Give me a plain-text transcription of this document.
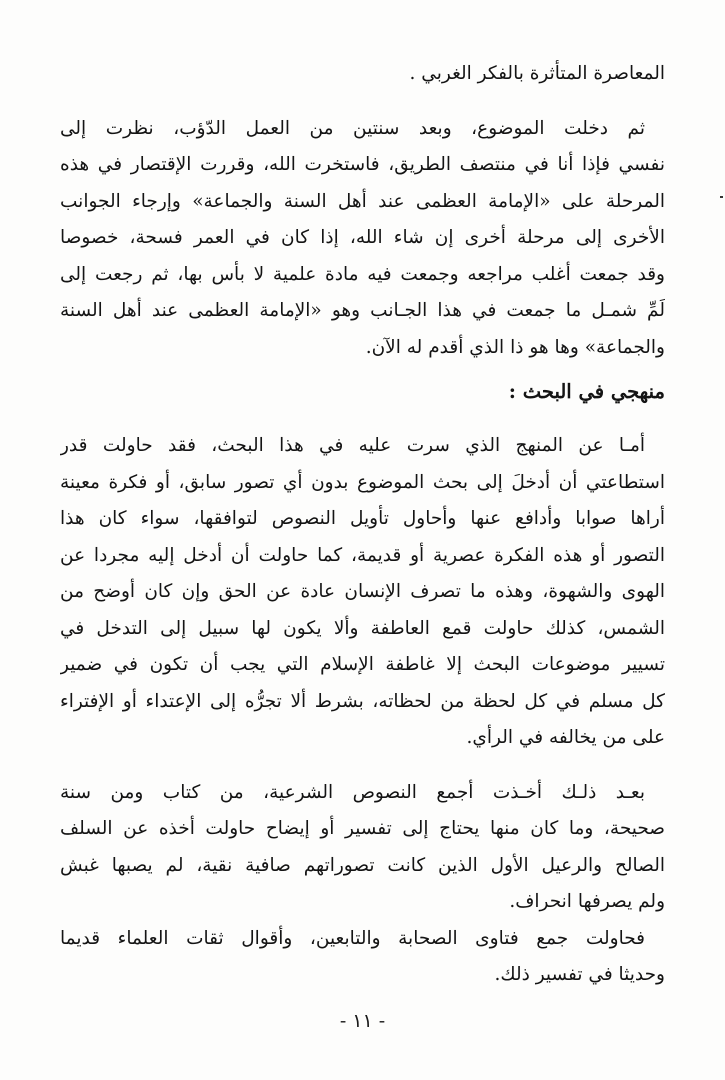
المعاصرة المتأثرة بالفكر الغربي .
ثم دخلت الموضوع، وبعد سنتين من العمل الدّؤب، نظرت إلى
نفسي فإذا أنا في منتصف الطريق، فاستخرت الله، وقررت الإقتصار في هذه
المرحلة على «الإمامة العظمى عند أهل السنة والجماعة» وإرجاء الجوانب
الأخرى إلى مرحلة أخرى إن شاء الله، إذا كان في العمر فسحة، خصوصا
وقد جمعت أغلب مراجعه وجمعت فيه مادة علمية لا بأس بها، ثم رجعت إلى
لَمِّ شمـل ما جمعت في هذا الجـانب وهو «الإمامة العظمى عند أهل السنة
والجماعة» وها هو ذا الذي أقدم له الآن.
منهجي في البحث :
أمـا عن المنهج الذي سرت عليه في هذا البحث، فقد حاولت قدر
استطاعتي أن أدخلَ إلى بحث الموضوع بدون أي تصور سابق، أو فكرة معينة
أراها صوابا وأدافع عنها وأحاول تأويل النصوص لتوافقها، سواء كان هذا
التصور أو هذه الفكرة عصرية أو قديمة، كما حاولت أن أدخل إليه مجردا عن
الهوى والشهوة، وهذه ما تصرف الإنسان عادة عن الحق وإن كان أوضح من
الشمس، كذلك حاولت قمع العاطفة وألا يكون لها سبيل إلى التدخل في
تسيير موضوعات البحث إلا غاطفة الإسلام التي يجب أن تكون في ضمير
كل مسلم في كل لحظة من لحظاته، بشرط ألا تجرُّه إلى الإعتداء أو الإفتراء
على من يخالفه في الرأي.
بعـد ذلـك أخـذت أجمع النصوص الشرعية، من كتاب ومن سنة
صحيحة، وما كان منها يحتاج إلى تفسير أو إيضاح حاولت أخذه عن السلف
الصالح والرعيل الأول الذين كانت تصوراتهم صافية نقية، لم يصبها غبش
ولم يصرفها انحراف.
فحاولت جمع فتاوى الصحابة والتابعين، وأقوال ثقات العلماء قديما
وحديثا في تفسير ذلك.
- ١١ -
